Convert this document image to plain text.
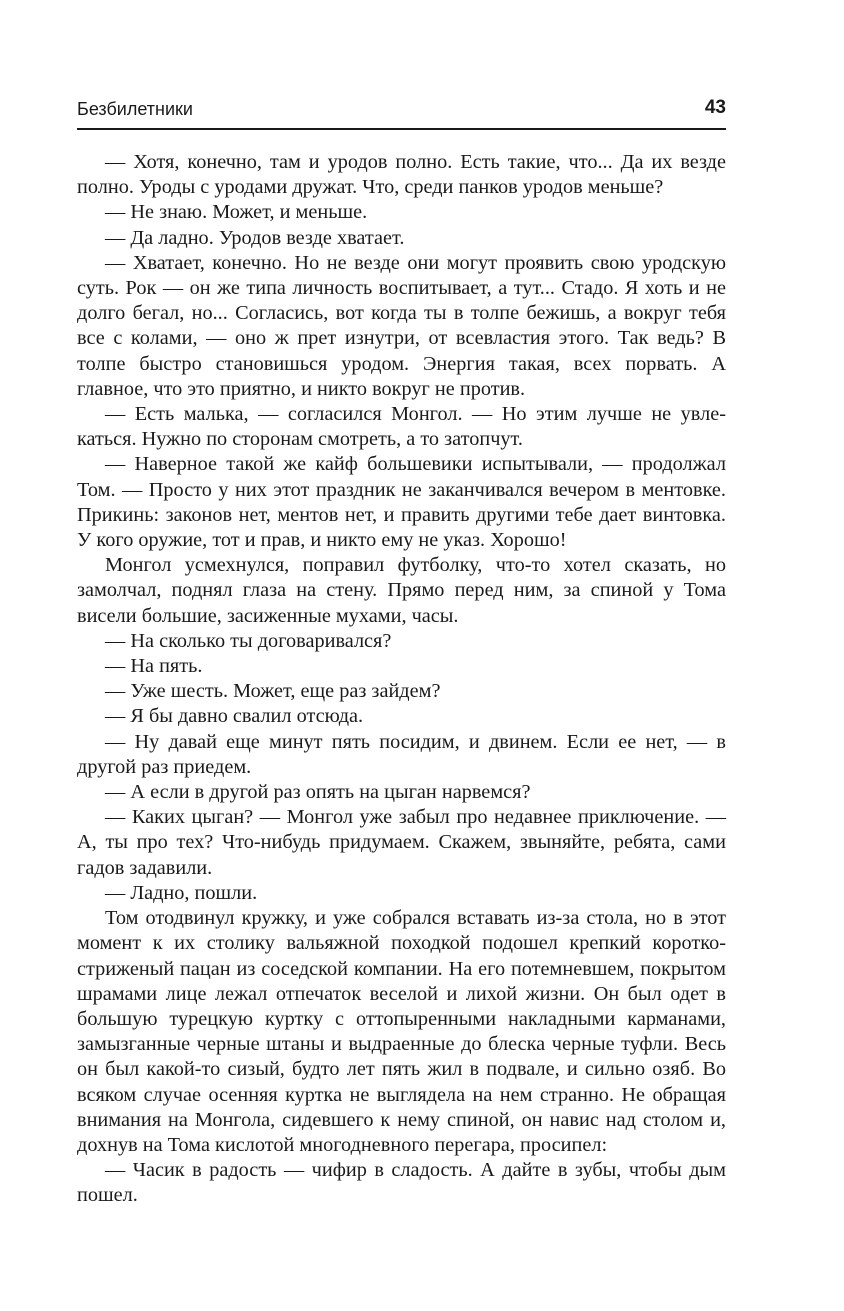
Безбилетники	43

— Хотя, конечно, там и уродов полно. Есть такие, что... Да их везде полно. Уроды с уродами дружат. Что, среди панков уродов меньше?

— Не знаю. Может, и меньше.

— Да ладно. Уродов везде хватает.

— Хватает, конечно. Но не везде они могут проявить свою уродскую суть. Рок — он же типа личность воспитывает, а тут... Стадо. Я хоть и не долго бегал, но... Согласись, вот когда ты в толпе бежишь, а вокруг тебя все с колами, — оно ж прет изнутри, от всевластия этого. Так ведь? В толпе быстро становишься уродом. Энергия такая, всех порвать. А главное, что это приятно, и никто вокруг не против.

— Есть малька, — согласился Монгол. — Но этим лучше не увлекаться. Нужно по сторонам смотреть, а то затопчут.

— Наверное такой же кайф большевики испытывали, — продолжал Том. — Просто у них этот праздник не заканчивался вечером в ментовке. Прикинь: законов нет, ментов нет, и править другими тебе дает винтовка. У кого оружие, тот и прав, и никто ему не указ. Хорошо!

Монгол усмехнулся, поправил футболку, что-то хотел сказать, но замолчал, поднял глаза на стену. Прямо перед ним, за спиной у Тома висели большие, засиженные мухами, часы.

— На сколько ты договаривался?

— На пять.

— Уже шесть. Может, еще раз зайдем?

— Я бы давно свалил отсюда.

— Ну давай еще минут пять посидим, и двинем. Если ее нет, — в другой раз приедем.

— А если в другой раз опять на цыган нарвемся?

— Каких цыган? — Монгол уже забыл про недавнее приключение. — А, ты про тех? Что-нибудь придумаем. Скажем, звыняйте, ребята, сами гадов задавили.

— Ладно, пошли.

Том отодвинул кружку, и уже собрался вставать из-за стола, но в этот момент к их столику вальяжной походкой подошел крепкий короткостриженый пацан из соседской компании. На его потемневшем, покрытом шрамами лице лежал отпечаток веселой и лихой жизни. Он был одет в большую турецкую куртку с оттопыренными накладными карманами, замызганные черные штаны и выдраенные до блеска черные туфли. Весь он был какой-то сизый, будто лет пять жил в подвале, и сильно озяб. Во всяком случае осенняя куртка не выглядела на нем странно. Не обращая внимания на Монгола, сидевшего к нему спиной, он навис над столом и, дохнув на Тома кислотой многодневного перегара, просипел:

— Часик в радость — чифир в сладость. А дайте в зубы, чтобы дым пошел.
